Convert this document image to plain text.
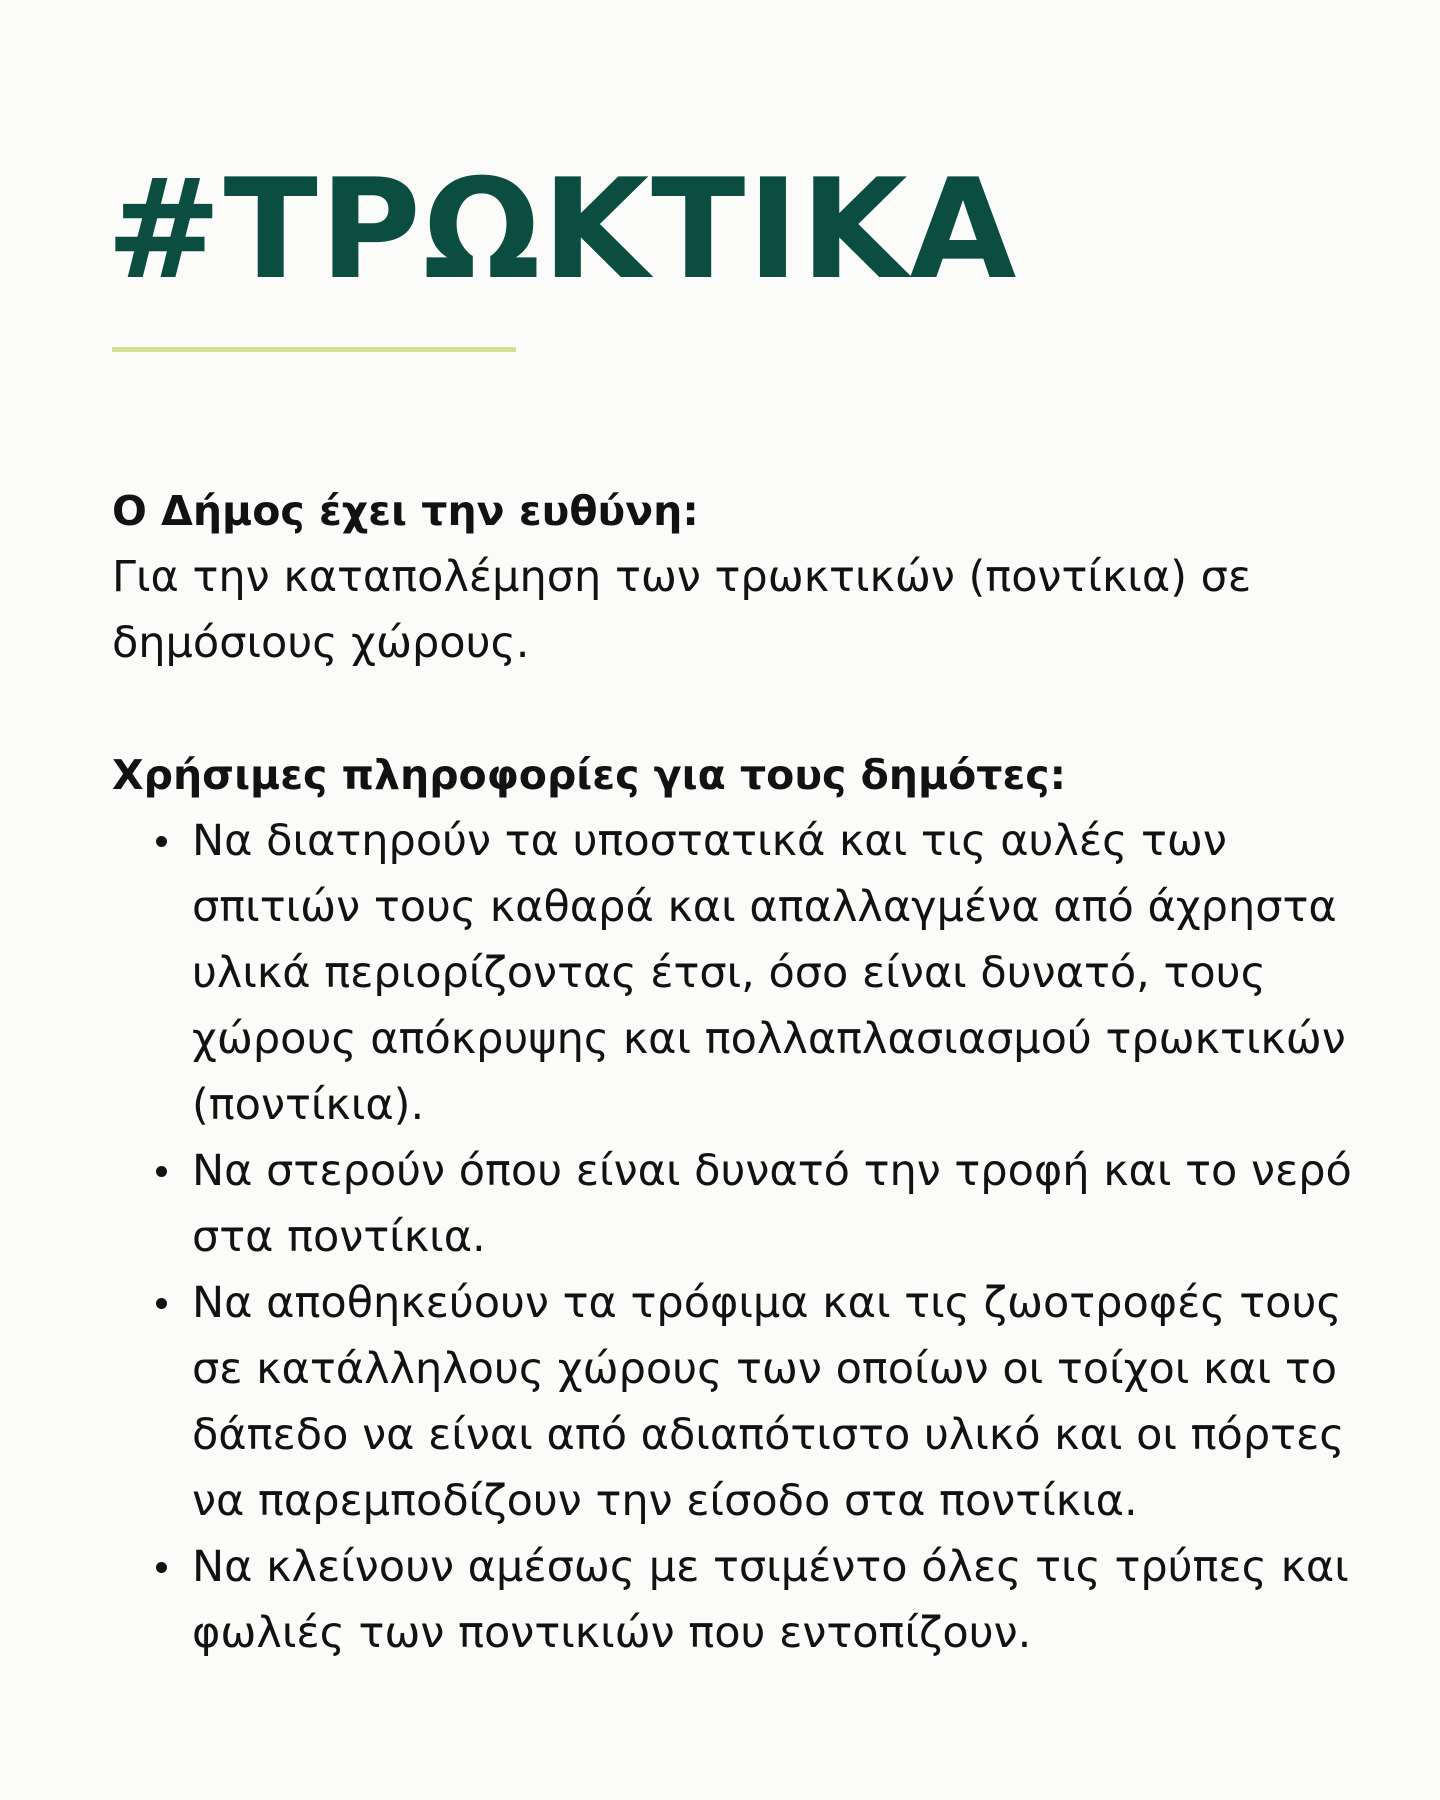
#ΤΡΩΚΤΙΚΑ

Ο Δήμος έχει την ευθύνη:

Για την καταπολέμηση των τρωκτικών (ποντίκια) σε δημόσιους χώρους.

Χρήσιμες πληροφορίες για τους δημότες:

Να διατηρούν τα υποστατικά και τις αυλές των σπιτιών τους καθαρά και απαλλαγμένα από άχρηστα υλικά περιορίζοντας έτσι, όσο είναι δυνατό, τους χώρους απόκρυψης και πολλαπλασιασμού τρωκτικών (ποντίκια).
Να στερούν όπου είναι δυνατό την τροφή και το νερό στα ποντίκια.
Να αποθηκεύουν τα τρόφιμα και τις ζωοτροφές τους σε κατάλληλους χώρους των οποίων οι τοίχοι και το δάπεδο να είναι από αδιαπότιστο υλικό και οι πόρτες να παρεμποδίζουν την είσοδο στα ποντίκια.
Να κλείνουν αμέσως με τσιμέντο όλες τις τρύπες και φωλιές των ποντικιών που εντοπίζουν.
